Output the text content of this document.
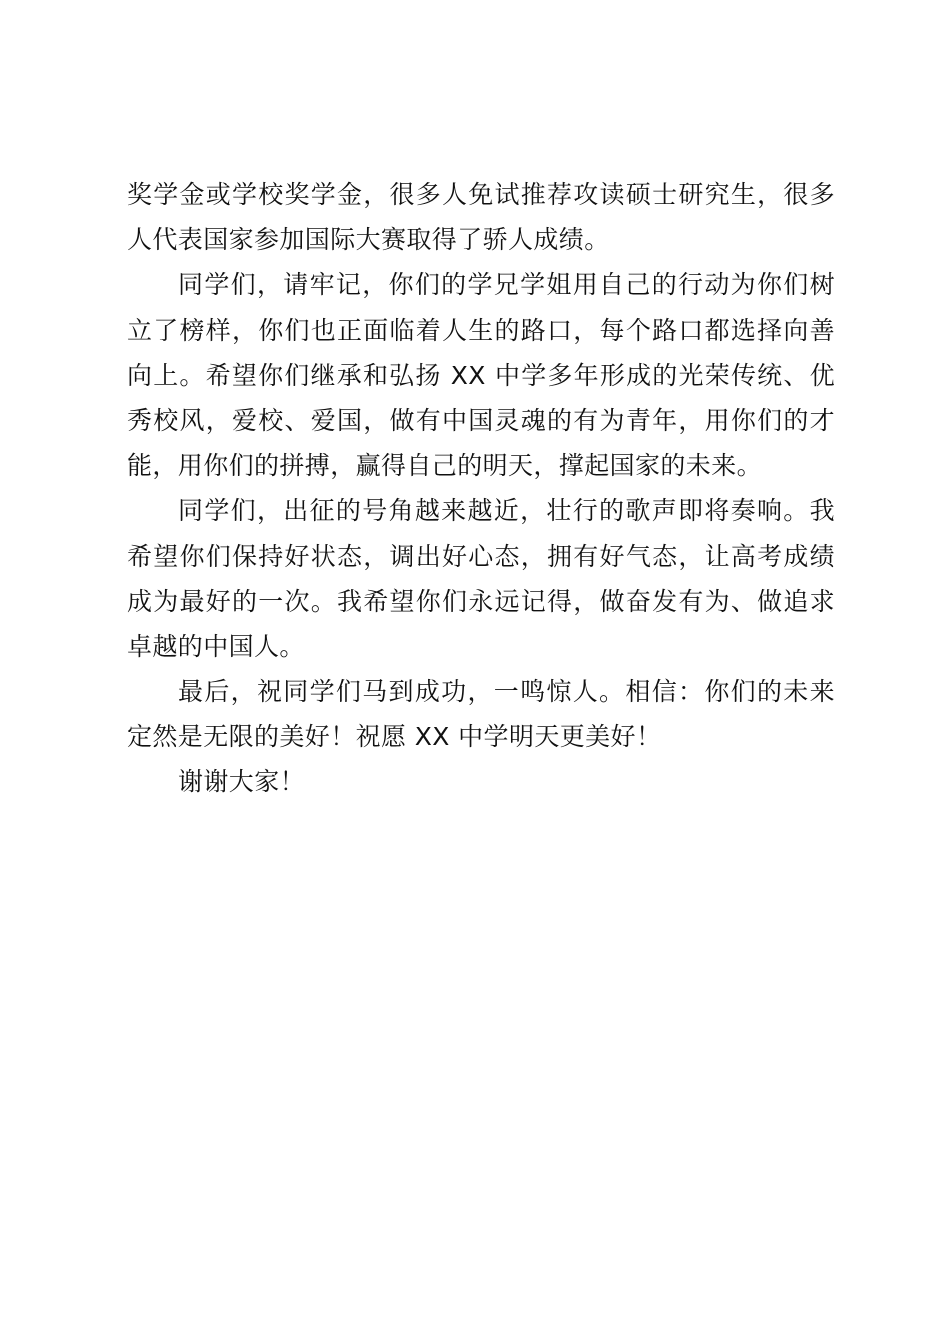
奖学金或学校奖学金，很多人免试推荐攻读硕士研究生，很多
人代表国家参加国际大赛取得了骄人成绩。
同学们，请牢记，你们的学兄学姐用自己的行动为你们树
立了榜样，你们也正面临着人生的路口，每个路口都选择向善
向上。希望你们继承和弘扬 XX 中学多年形成的光荣传统、优
秀校风，爱校、爱国，做有中国灵魂的有为青年，用你们的才
能，用你们的拼搏，赢得自己的明天，撑起国家的未来。
同学们，出征的号角越来越近，壮行的歌声即将奏响。我
希望你们保持好状态，调出好心态，拥有好气态，让高考成绩
成为最好的一次。我希望你们永远记得，做奋发有为、做追求
卓越的中国人。
最后，祝同学们马到成功，一鸣惊人。相信：你们的未来
定然是无限的美好！祝愿 XX 中学明天更美好！
谢谢大家！
